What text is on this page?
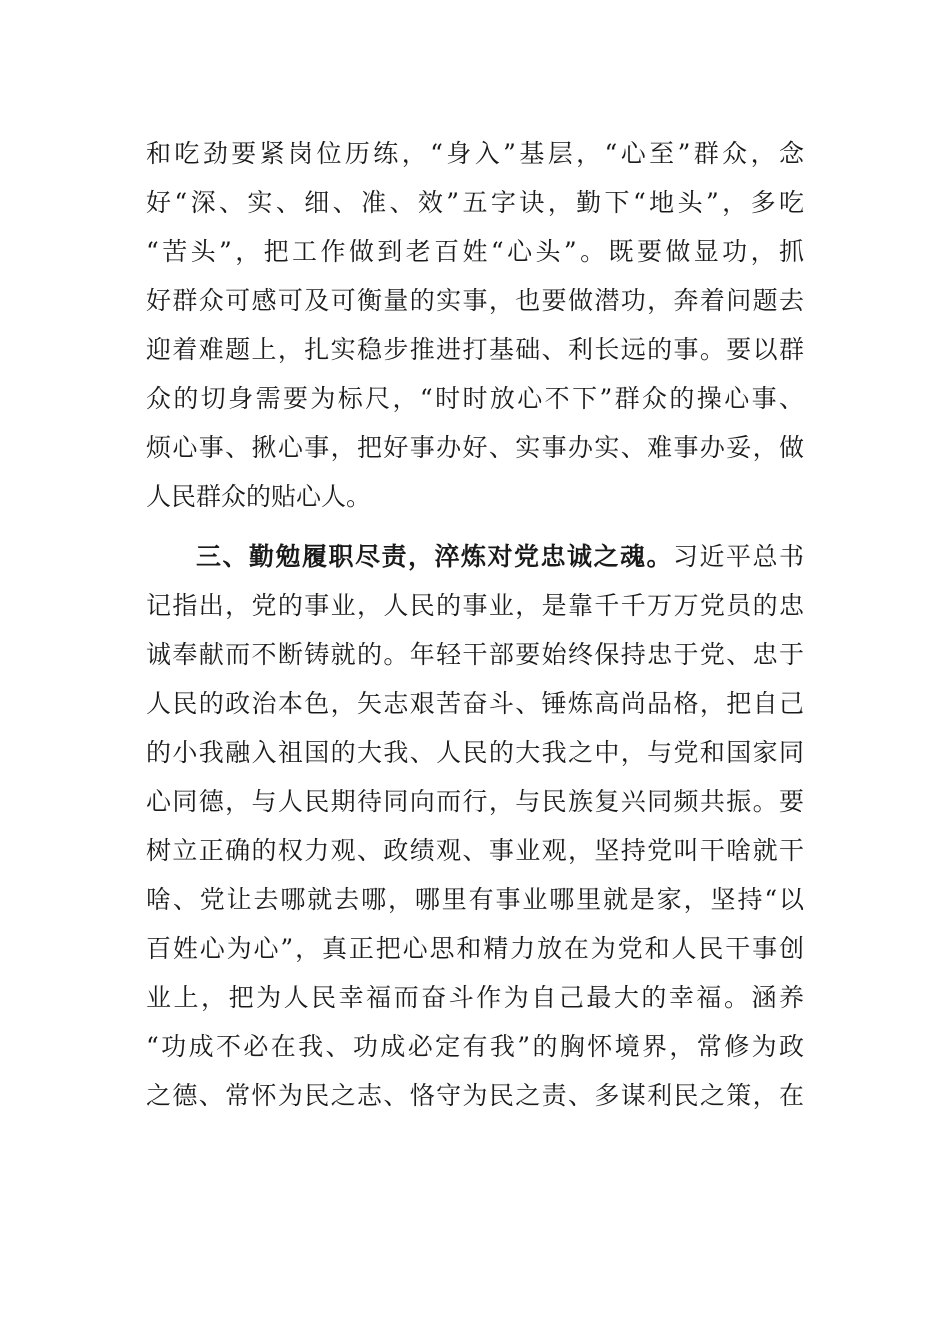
和吃劲要紧岗位历练，“身入”基层，“心至”群众，念
好“深、实、细、准、效”五字诀，勤下“地头”，多吃
“苦头”，把工作做到老百姓“心头”。既要做显功，抓
好群众可感可及可衡量的实事，也要做潜功，奔着问题去
迎着难题上，扎实稳步推进打基础、利长远的事。要以群
众的切身需要为标尺，“时时放心不下”群众的操心事、
烦心事、揪心事，把好事办好、实事办实、难事办妥，做
人民群众的贴心人。
三、勤勉履职尽责，淬炼对党忠诚之魂。习近平总书
记指出，党的事业，人民的事业，是靠千千万万党员的忠
诚奉献而不断铸就的。年轻干部要始终保持忠于党、忠于
人民的政治本色，矢志艰苦奋斗、锤炼高尚品格，把自己
的小我融入祖国的大我、人民的大我之中，与党和国家同
心同德，与人民期待同向而行，与民族复兴同频共振。要
树立正确的权力观、政绩观、事业观，坚持党叫干啥就干
啥、党让去哪就去哪，哪里有事业哪里就是家，坚持“以
百姓心为心”，真正把心思和精力放在为党和人民干事创
业上，把为人民幸福而奋斗作为自己最大的幸福。涵养
“功成不必在我、功成必定有我”的胸怀境界，常修为政
之德、常怀为民之志、恪守为民之责、多谋利民之策，在
